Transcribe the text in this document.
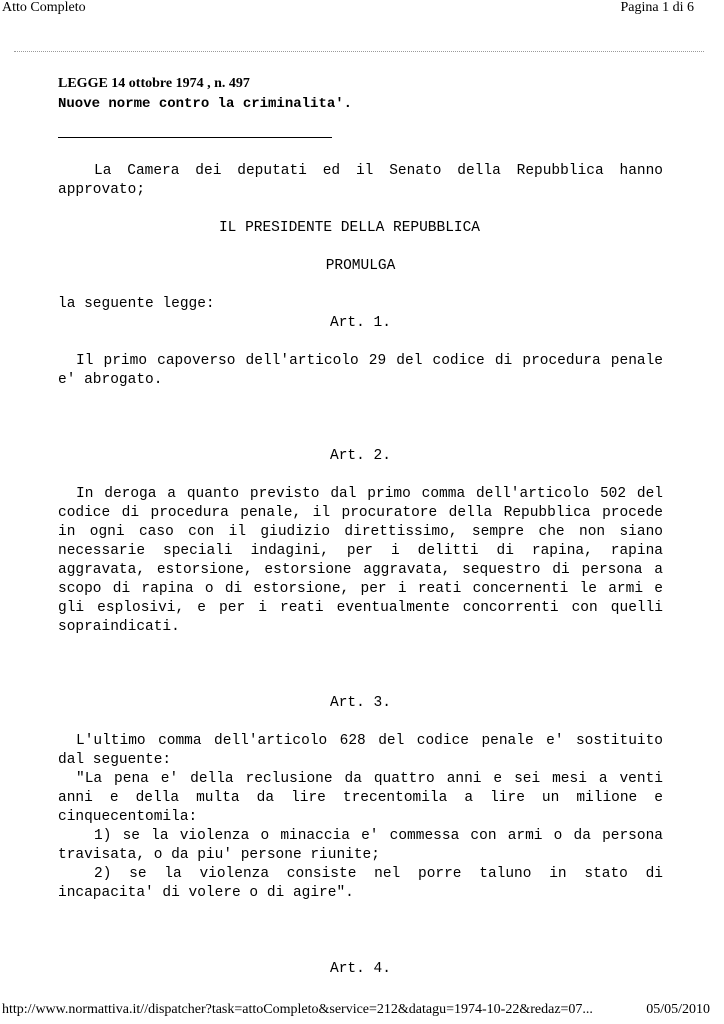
Atto Completo	Pagina 1 di 6
LEGGE 14 ottobre 1974 , n. 497
Nuove norme contro la criminalita'.
La Camera dei deputati ed il Senato della Repubblica hanno
approvato;
IL PRESIDENTE DELLA REPUBBLICA
PROMULGA
la seguente legge:
Art. 1.
Il primo capoverso dell'articolo 29 del codice di procedura penale
e' abrogato.
Art. 2.
In deroga a quanto previsto dal primo comma dell'articolo 502 del
codice di procedura penale, il procuratore della Repubblica procede
in ogni caso con il giudizio direttissimo, sempre che non siano
necessarie speciali indagini, per i delitti di rapina, rapina
aggravata, estorsione, estorsione aggravata, sequestro di persona a
scopo di rapina o di estorsione, per i reati concernenti le armi e
gli esplosivi, e per i reati eventualmente concorrenti con quelli
sopraindicati.
Art. 3.
L'ultimo comma dell'articolo 628 del codice penale e' sostituito
dal seguente:
"La pena e' della reclusione da quattro anni e sei mesi a venti
anni e della multa da lire trecentomila a lire un milione e
cinquecentomila:
1) se la violenza o minaccia e' commessa con armi o da persona
travisata, o da piu' persone riunite;
2) se la violenza consiste nel porre taluno in stato di
incapacita' di volere o di agire".
Art. 4.
http://www.normattiva.it//dispatcher?task=attoCompleto&service=212&datagu=1974-10-22&redaz=07...	05/05/2010
